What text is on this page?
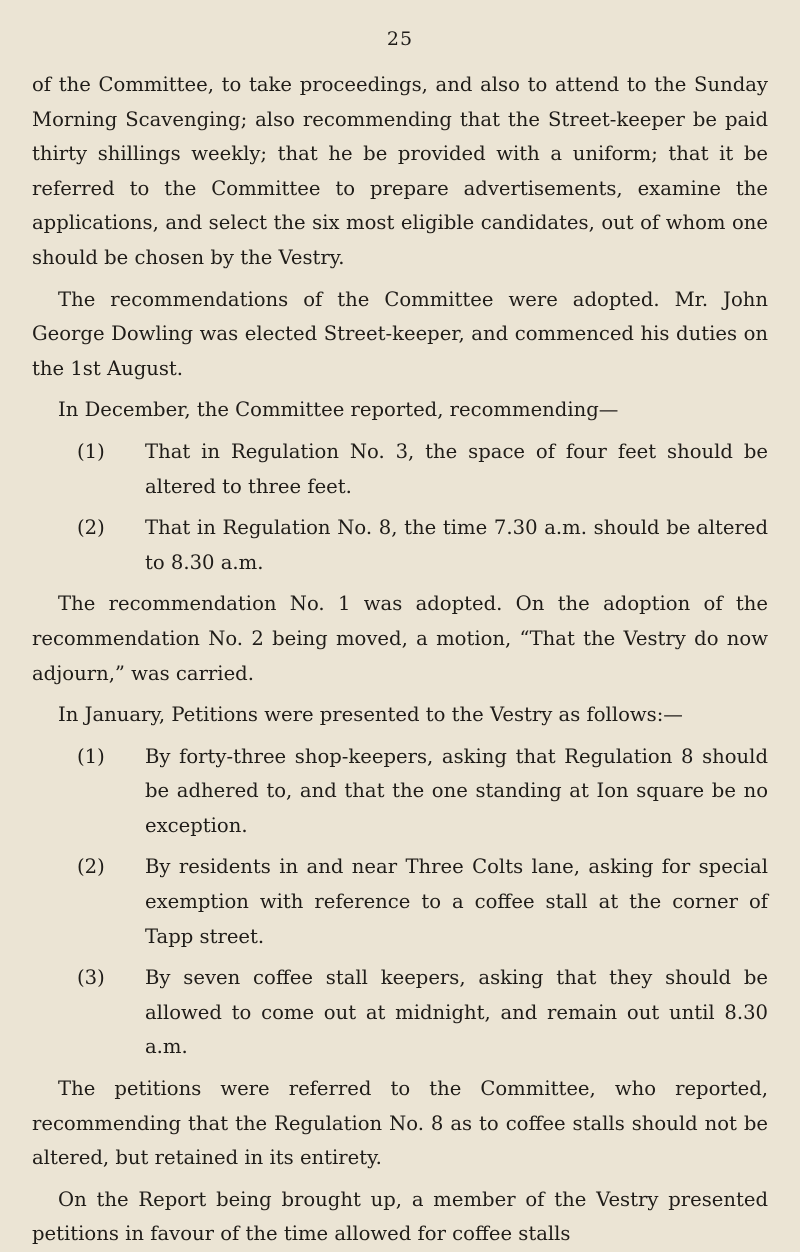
25

of the Committee, to take proceedings, and also to attend to the Sunday Morning Scavenging; also recommending that the Street-keeper be paid thirty shillings weekly; that he be provided with a uniform; that it be referred to the Committee to prepare advertisements, examine the applications, and select the six most eligible candidates, out of whom one should be chosen by the Vestry.

The recommendations of the Committee were adopted. Mr. John George Dowling was elected Street-keeper, and commenced his duties on the 1st August.

In December, the Committee reported, recommending—

(1) That in Regulation No. 3, the space of four feet should be altered to three feet.

(2) That in Regulation No. 8, the time 7.30 a.m. should be altered to 8.30 a.m.

The recommendation No. 1 was adopted. On the adoption of the recommendation No. 2 being moved, a motion, “That the Vestry do now adjourn,” was carried.

In January, Petitions were presented to the Vestry as follows:—

(1) By forty-three shop-keepers, asking that Regulation 8 should be adhered to, and that the one standing at Ion square be no exception.

(2) By residents in and near Three Colts lane, asking for special exemption with reference to a coffee stall at the corner of Tapp street.

(3) By seven coffee stall keepers, asking that they should be allowed to come out at midnight, and remain out until 8.30 a.m.

The petitions were referred to the Committee, who reported, recommending that the Regulation No. 8 as to coffee stalls should not be altered, but retained in its entirety.

On the Report being brought up, a member of the Vestry presented petitions in favour of the time allowed for coffee stalls
